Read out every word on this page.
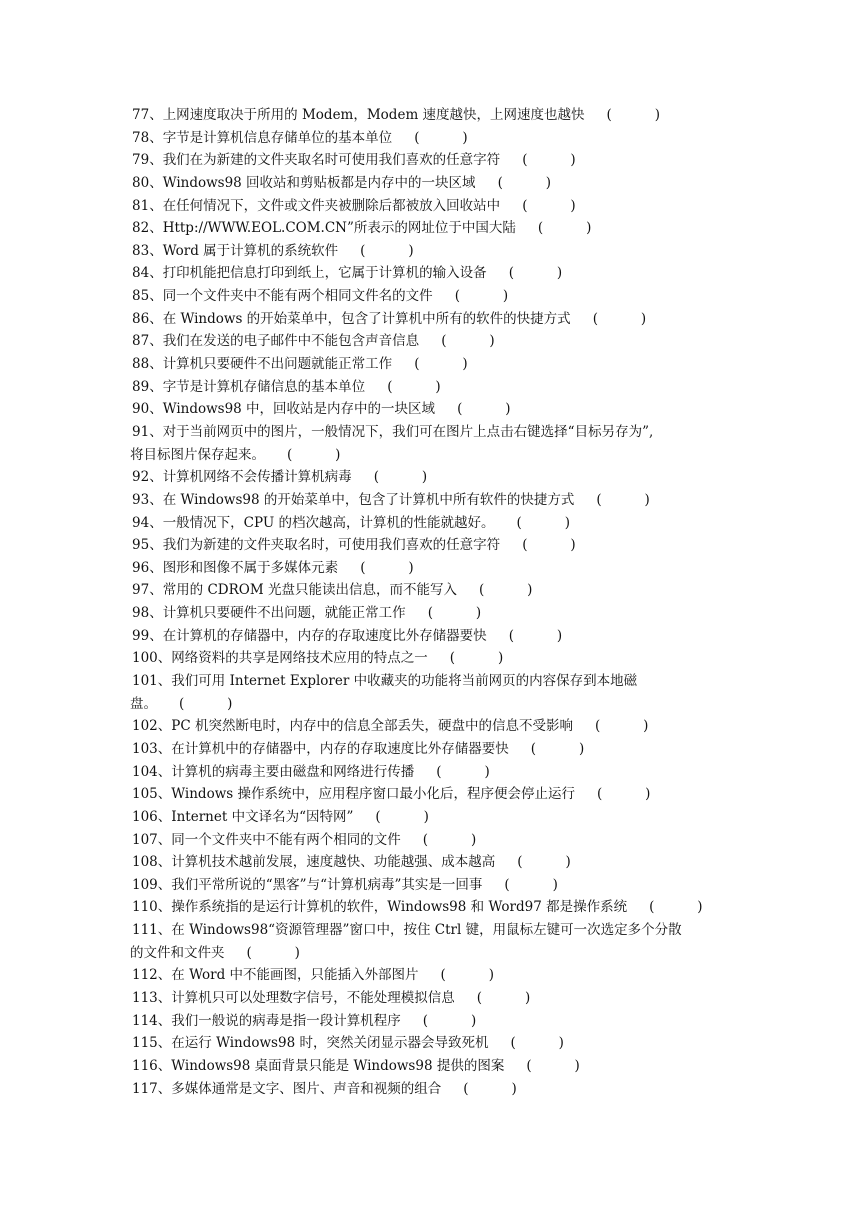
77、上网速度取决于所用的 Modem，Modem 速度越快，上网速度也越快 (          )
78、字节是计算机信息存储单位的基本单位 (          )
79、我们在为新建的文件夹取名时可使用我们喜欢的任意字符 (          )
80、Windows98 回收站和剪贴板都是内存中的一块区域 (          )
81、在任何情况下，文件或文件夹被删除后都被放入回收站中 (          )
82、Http://WWW.EOL.COM.CN”所表示的网址位于中国大陆 (          )
83、Word 属于计算机的系统软件 (          )
84、打印机能把信息打印到纸上，它属于计算机的输入设备 (          )
85、同一个文件夹中不能有两个相同文件名的文件 (          )
86、在 Windows 的开始菜单中，包含了计算机中所有的软件的快捷方式 (          )
87、我们在发送的电子邮件中不能包含声音信息 (          )
88、计算机只要硬件不出问题就能正常工作 (          )
89、字节是计算机存储信息的基本单位 (          )
90、Windows98 中，回收站是内存中的一块区域 (          )
91、对于当前网页中的图片，一般情况下，我们可在图片上点击右键选择“目标另存为”,
将目标图片保存起来。 (          )
92、计算机网络不会传播计算机病毒 (          )
93、在 Windows98 的开始菜单中，包含了计算机中所有软件的快捷方式 (          )
94、一般情况下，CPU 的档次越高，计算机的性能就越好。 (          )
95、我们为新建的文件夹取名时，可使用我们喜欢的任意字符 (          )
96、图形和图像不属于多媒体元素 (          )
97、常用的 CDROM 光盘只能读出信息，而不能写入 (          )
98、计算机只要硬件不出问题，就能正常工作 (          )
99、在计算机的存储器中，内存的存取速度比外存储器要快 (          )
100、网络资料的共享是网络技术应用的特点之一 (          )
101、我们可用 Internet Explorer 中收藏夹的功能将当前网页的内容保存到本地磁
盘。 (          )
102、PC 机突然断电时，内存中的信息全部丢失，硬盘中的信息不受影响 (          )
103、在计算机中的存储器中，内存的存取速度比外存储器要快 (          )
104、计算机的病毒主要由磁盘和网络进行传播 (          )
105、Windows 操作系统中，应用程序窗口最小化后，程序便会停止运行 (          )
106、Internet 中文译名为“因特网” (          )
107、同一个文件夹中不能有两个相同的文件 (          )
108、计算机技术越前发展，速度越快、功能越强、成本越高 (          )
109、我们平常所说的“黑客”与“计算机病毒”其实是一回事 (          )
110、操作系统指的是运行计算机的软件，Windows98 和 Word97 都是操作系统 (          )
111、在 Windows98“资源管理器”窗口中，按住 Ctrl 键，用鼠标左键可一次选定多个分散
的文件和文件夹 (          )
112、在 Word 中不能画图，只能插入外部图片 (          )
113、计算机只可以处理数字信号，不能处理模拟信息 (          )
114、我们一般说的病毒是指一段计算机程序 (          )
115、在运行 Windows98 时，突然关闭显示器会导致死机 (          )
116、Windows98 桌面背景只能是 Windows98 提供的图案 (          )
117、多媒体通常是文字、图片、声音和视频的组合 (          )
